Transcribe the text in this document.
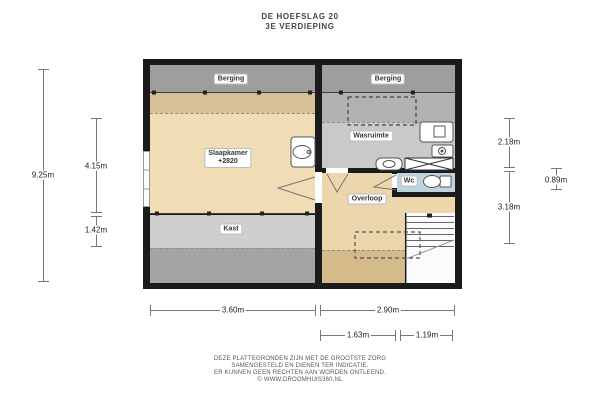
DE HOEFSLAG 20
3E VERDIEPING
Berging	Berging
Slaapkamer
+2820
Wasruimte
Kast
Overloop
Wc
9.25m
4.15m
1.42m
2.18m
3.18m
0.89m
3.60m	2.90m
1.63m	1.19m
DEZE PLATTEGRONDEN ZIJN MET DE GROOTSTE ZORG
SAMENGESTELD EN DIENEN TER INDICATIE.
ER KUNNEN GEEN RECHTEN AAN WORDEN ONTLEEND.
© WWW.DROOMHUIS360.NL
